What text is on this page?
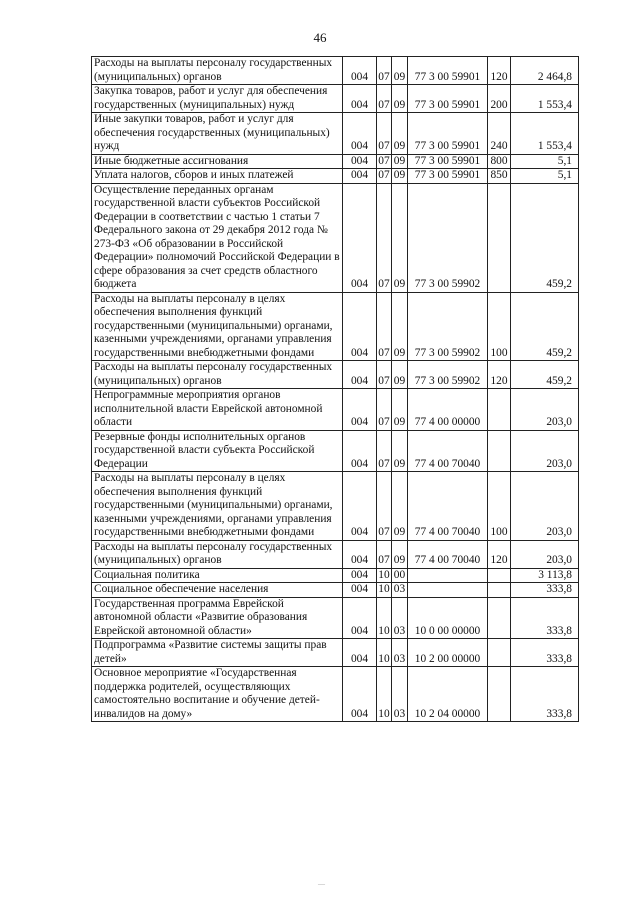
46
Расходы на выплаты персоналу государственных (муниципальных) органов	004	07	09	77 3 00 59901	120	2 464,8
Закупка товаров, работ и услуг для обеспечения государственных (муниципальных) нужд	004	07	09	77 3 00 59901	200	1 553,4
Иные закупки товаров, работ и услуг для обеспечения государственных (муниципальных) нужд	004	07	09	77 3 00 59901	240	1 553,4
Иные бюджетные ассигнования	004	07	09	77 3 00 59901	800	5,1
Уплата налогов, сборов и иных платежей	004	07	09	77 3 00 59901	850	5,1
Осуществление переданных органам государственной власти субъектов Российской Федерации в соответствии с частью 1 статьи 7 Федерального закона от 29 декабря 2012 года № 273-ФЗ «Об образовании в Российской Федерации» полномочий Российской Федерации в сфере образования за счет средств областного бюджета	004	07	09	77 3 00 59902		459,2
Расходы на выплаты персоналу в целях обеспечения выполнения функций государственными (муниципальными) органами, казенными учреждениями, органами управления государственными внебюджетными фондами	004	07	09	77 3 00 59902	100	459,2
Расходы на выплаты персоналу государственных (муниципальных) органов	004	07	09	77 3 00 59902	120	459,2
Непрограммные мероприятия органов исполнительной власти Еврейской автономной области	004	07	09	77 4 00 00000		203,0
Резервные фонды исполнительных органов государственной власти субъекта Российской Федерации	004	07	09	77 4 00 70040		203,0
Расходы на выплаты персоналу в целях обеспечения выполнения функций государственными (муниципальными) органами, казенными учреждениями, органами управления государственными внебюджетными фондами	004	07	09	77 4 00 70040	100	203,0
Расходы на выплаты персоналу государственных (муниципальных) органов	004	07	09	77 4 00 70040	120	203,0
Социальная политика	004	10	00			3 113,8
Социальное обеспечение населения	004	10	03			333,8
Государственная программа Еврейской автономной области «Развитие образования Еврейской автономной области»	004	10	03	10 0 00 00000		333,8
Подпрограмма «Развитие системы защиты прав детей»	004	10	03	10 2 00 00000		333,8
Основное мероприятие «Государственная поддержка родителей, осуществляющих самостоятельно воспитание и обучение детей-инвалидов на дому»	004	10	03	10 2 04 00000		333,8
—
